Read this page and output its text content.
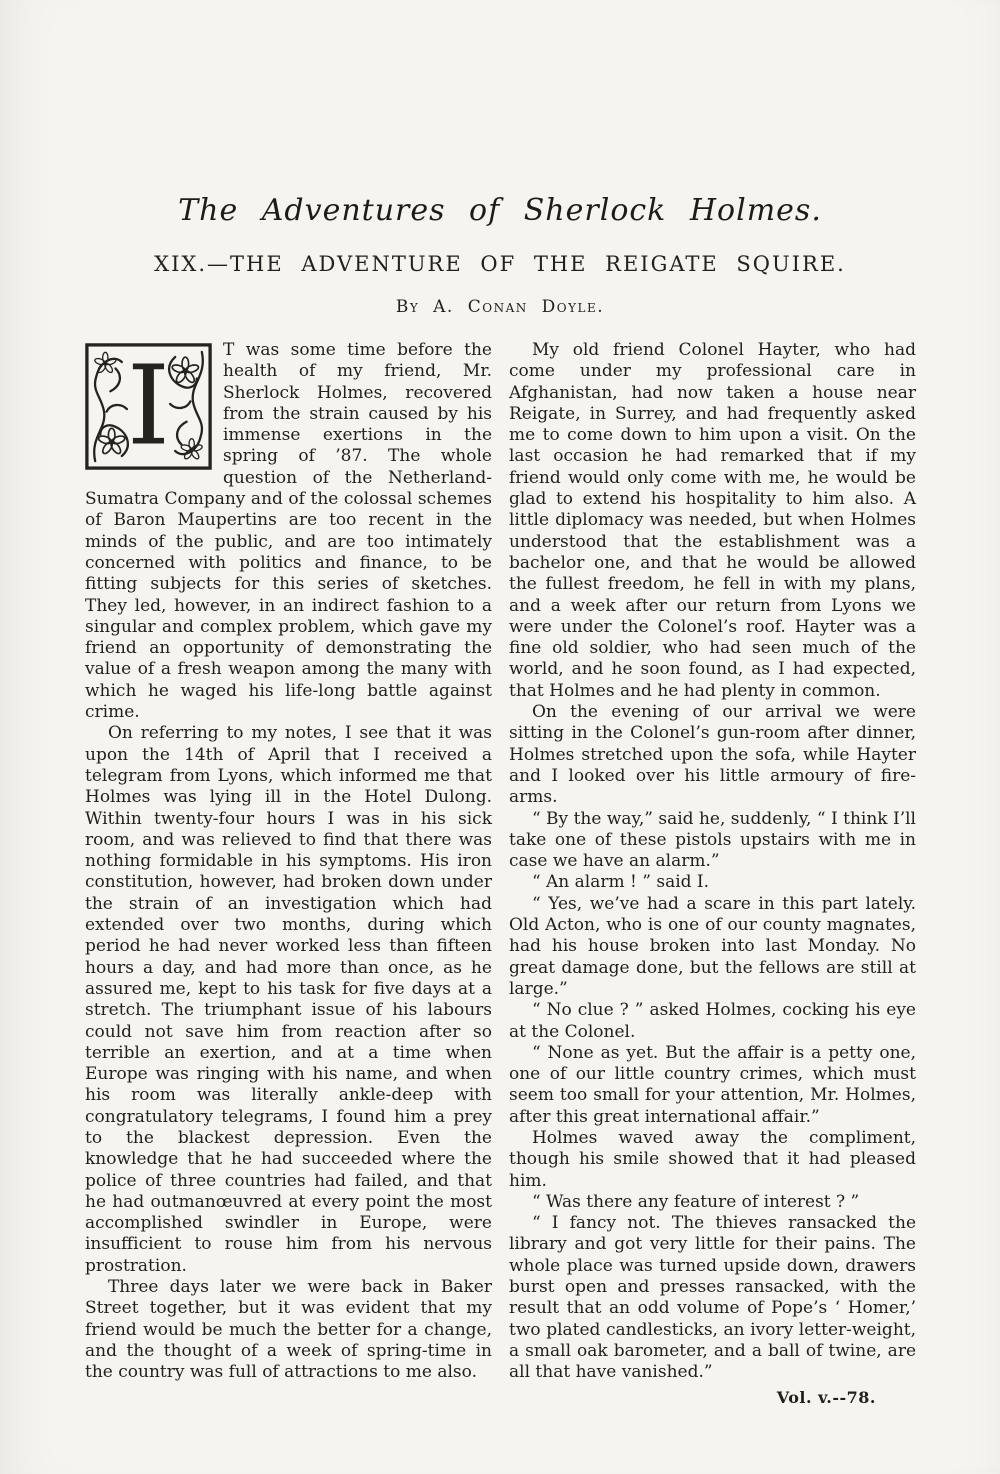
The Adventures of Sherlock Holmes.
XIX.—THE ADVENTURE OF THE REIGATE SQUIRE.
By A. Conan Doyle.

I	T was some time before the health of my friend, Mr. Sherlock Holmes, recovered from the strain caused by his immense exertions in the spring of ’87. The whole question of the Netherland-Sumatra Company and of the colossal schemes of Baron Maupertins are too recent in the minds of the public, and are too intimately concerned with politics and finance, to be fitting subjects for this series of sketches. They led, however, in an indirect fashion to a singular and complex problem, which gave my friend an opportunity of demonstrating the value of a fresh weapon among the many with which he waged his life-long battle against crime.

On referring to my notes, I see that it was upon the 14th of April that I received a telegram from Lyons, which informed me that Holmes was lying ill in the Hotel Dulong. Within twenty-four hours I was in his sick room, and was relieved to find that there was nothing formidable in his symptoms. His iron constitution, however, had broken down under the strain of an investigation which had extended over two months, during which period he had never worked less than fifteen hours a day, and had more than once, as he assured me, kept to his task for five days at a stretch. The triumphant issue of his labours could not save him from reaction after so terrible an exertion, and at a time when Europe was ringing with his name, and when his room was literally ankle-deep with congratulatory telegrams, I found him a prey to the blackest depression. Even the knowledge that he had succeeded where the police of three countries had failed, and that he had outmanœuvred at every point the most accomplished swindler in Europe, were insufficient to rouse him from his nervous prostration.

Three days later we were back in Baker Street together, but it was evident that my friend would be much the better for a change, and the thought of a week of spring-time in the country was full of attractions to me also.

My old friend Colonel Hayter, who had come under my professional care in Afghanistan, had now taken a house near Reigate, in Surrey, and had frequently asked me to come down to him upon a visit. On the last occasion he had remarked that if my friend would only come with me, he would be glad to extend his hospitality to him also. A little diplomacy was needed, but when Holmes understood that the establishment was a bachelor one, and that he would be allowed the fullest freedom, he fell in with my plans, and a week after our return from Lyons we were under the Colonel’s roof. Hayter was a fine old soldier, who had seen much of the world, and he soon found, as I had expected, that Holmes and he had plenty in common.

On the evening of our arrival we were sitting in the Colonel’s gun-room after dinner, Holmes stretched upon the sofa, while Hayter and I looked over his little armoury of fire-arms.

“ By the way,” said he, suddenly, “ I think I’ll take one of these pistols upstairs with me in case we have an alarm.”

“ An alarm ! ” said I.

“ Yes, we’ve had a scare in this part lately. Old Acton, who is one of our county magnates, had his house broken into last Monday. No great damage done, but the fellows are still at large.”

“ No clue ? ” asked Holmes, cocking his eye at the Colonel.

“ None as yet. But the affair is a petty one, one of our little country crimes, which must seem too small for your attention, Mr. Holmes, after this great international affair.”

Holmes waved away the compliment, though his smile showed that it had pleased him.

“ Was there any feature of interest ? ”

“ I fancy not. The thieves ransacked the library and got very little for their pains. The whole place was turned upside down, drawers burst open and presses ransacked, with the result that an odd volume of Pope’s ‘ Homer,’ two plated candlesticks, an ivory letter-weight, a small oak barometer, and a ball of twine, are all that have vanished.”

Vol. v.--78.
